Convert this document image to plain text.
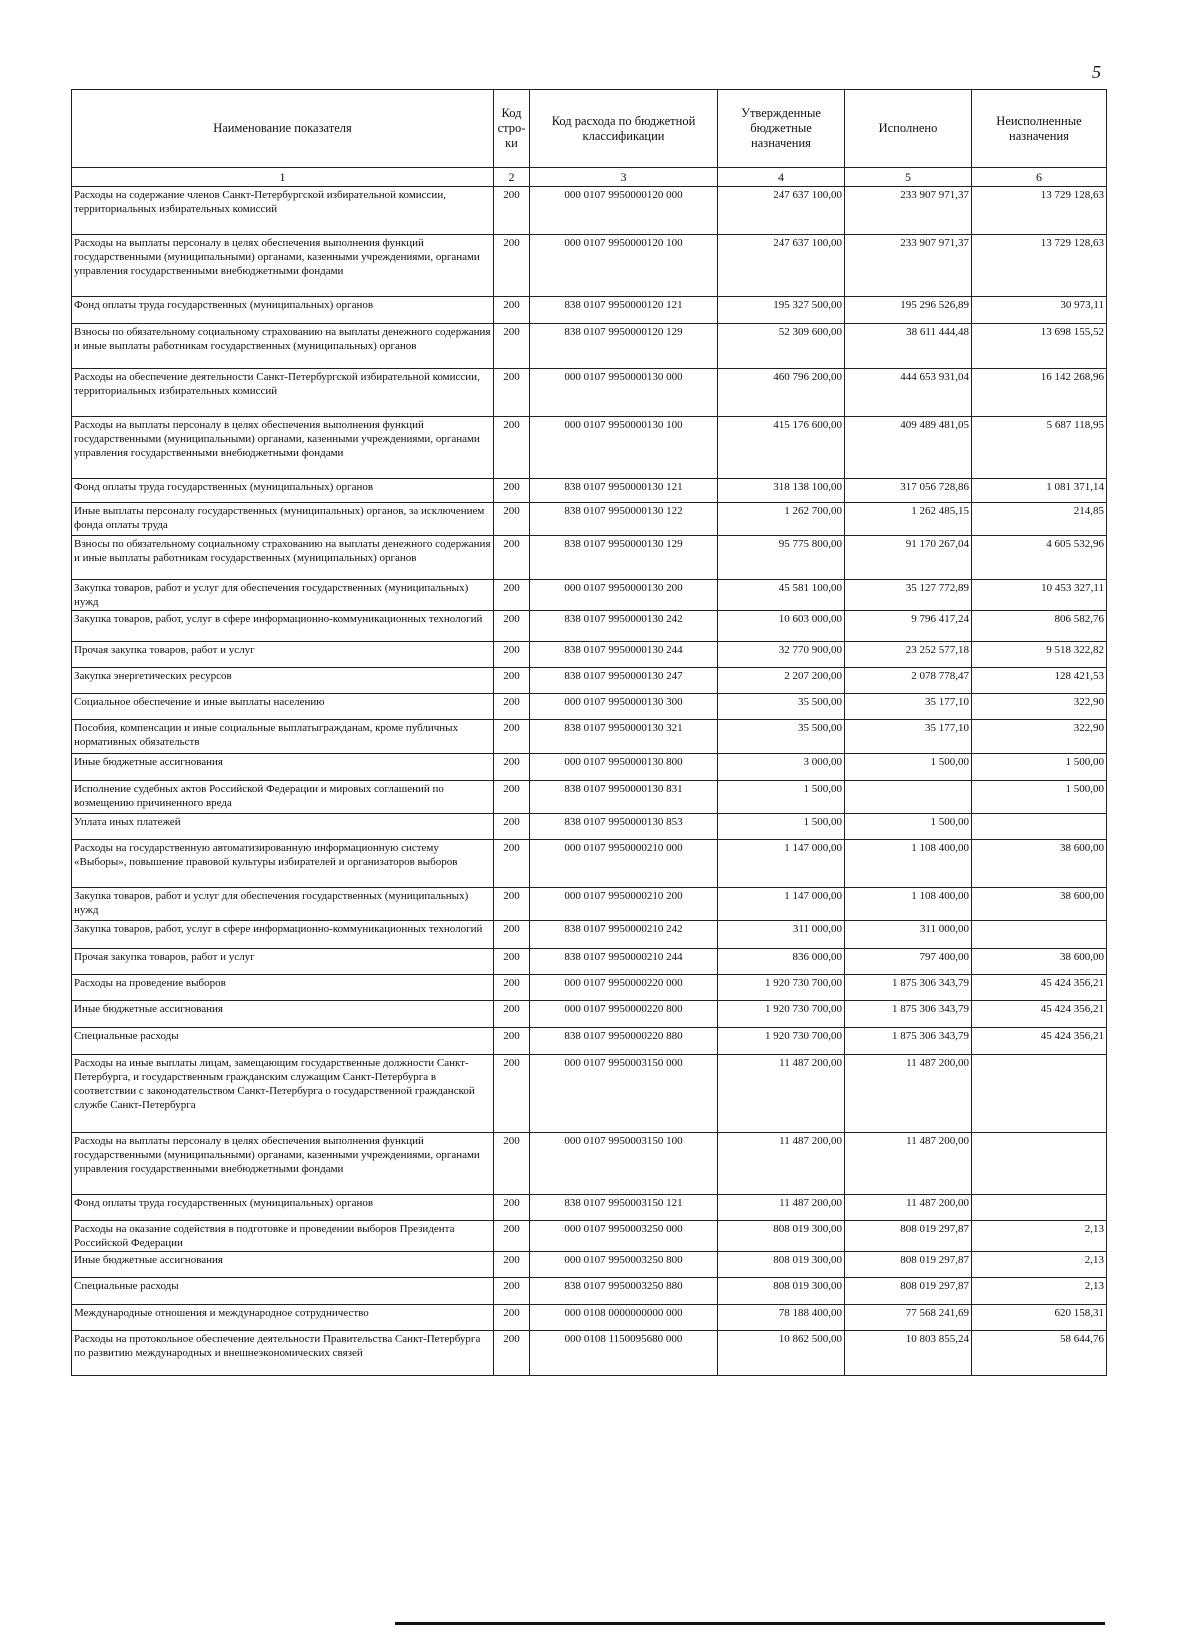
5
Наименование показателя	Код стро- ки	Код расхода по бюджетной классификации	Утвержденные бюджетные назначения	Исполнено	Неисполненные назначения
1	2	3	4	5	6
Расходы на содержание членов Санкт-Петербургской избирательной комиссии, территориальных избирательных комиссий	200	000 0107 9950000120 000	247 637 100,00	233 907 971,37	13 729 128,63
Расходы на выплаты персоналу в целях обеспечения выполнения функций государственными (муниципальными) органами, казенными учреждениями, органами управления государственными внебюджетными фондами	200	000 0107 9950000120 100	247 637 100,00	233 907 971,37	13 729 128,63
Фонд оплаты труда государственных (муниципальных) органов	200	838 0107 9950000120 121	195 327 500,00	195 296 526,89	30 973,11
Взносы по обязательному социальному страхованию на выплаты денежного содержания и иные выплаты работникам государственных (муниципальных) органов	200	838 0107 9950000120 129	52 309 600,00	38 611 444,48	13 698 155,52
Расходы на обеспечение деятельности Санкт-Петербургской избирательной комиссии, территориальных избирательных комиссий	200	000 0107 9950000130 000	460 796 200,00	444 653 931,04	16 142 268,96
Расходы на выплаты персоналу в целях обеспечения выполнения функций государственными (муниципальными) органами, казенными учреждениями, органами управления государственными внебюджетными фондами	200	000 0107 9950000130 100	415 176 600,00	409 489 481,05	5 687 118,95
Фонд оплаты труда государственных (муниципальных) органов	200	838 0107 9950000130 121	318 138 100,00	317 056 728,86	1 081 371,14
Иные выплаты персоналу государственных (муниципальных) органов, за исключением фонда оплаты труда	200	838 0107 9950000130 122	1 262 700,00	1 262 485,15	214,85
Взносы по обязательному социальному страхованию на выплаты денежного содержания и иные выплаты работникам государственных (муниципальных) органов	200	838 0107 9950000130 129	95 775 800,00	91 170 267,04	4 605 532,96
Закупка товаров, работ и услуг для обеспечения государственных (муниципальных) нужд	200	000 0107 9950000130 200	45 581 100,00	35 127 772,89	10 453 327,11
Закупка товаров, работ, услуг в сфере информационно-коммуникационных технологий	200	838 0107 9950000130 242	10 603 000,00	9 796 417,24	806 582,76
Прочая закупка товаров, работ и услуг	200	838 0107 9950000130 244	32 770 900,00	23 252 577,18	9 518 322,82
Закупка энергетических ресурсов	200	838 0107 9950000130 247	2 207 200,00	2 078 778,47	128 421,53
Социальное обеспечение и иные выплаты населению	200	000 0107 9950000130 300	35 500,00	35 177,10	322,90
Пособия, компенсации и иные социальные выплатыгражданам, кроме публичных нормативных обязательств	200	838 0107 9950000130 321	35 500,00	35 177,10	322,90
Иные бюджетные ассигнования	200	000 0107 9950000130 800	3 000,00	1 500,00	1 500,00
Исполнение судебных актов Российской Федерации и мировых соглашений по возмещению причиненного вреда	200	838 0107 9950000130 831	1 500,00		1 500,00
Уплата иных платежей	200	838 0107 9950000130 853	1 500,00	1 500,00	
Расходы на государственную автоматизированную информационную систему «Выборы», повышение правовой культуры избирателей и организаторов выборов	200	000 0107 9950000210 000	1 147 000,00	1 108 400,00	38 600,00
Закупка товаров, работ и услуг для обеспечения государственных (муниципальных) нужд	200	000 0107 9950000210 200	1 147 000,00	1 108 400,00	38 600,00
Закупка товаров, работ, услуг в сфере информационно-коммуникационных технологий	200	838 0107 9950000210 242	311 000,00	311 000,00	
Прочая закупка товаров, работ и услуг	200	838 0107 9950000210 244	836 000,00	797 400,00	38 600,00
Расходы на проведение выборов	200	000 0107 9950000220 000	1 920 730 700,00	1 875 306 343,79	45 424 356,21
Иные бюджетные ассигнования	200	000 0107 9950000220 800	1 920 730 700,00	1 875 306 343,79	45 424 356,21
Специальные расходы	200	838 0107 9950000220 880	1 920 730 700,00	1 875 306 343,79	45 424 356,21
Расходы на иные выплаты лицам, замещающим государственные должности Санкт-Петербурга, и государственным гражданским служащим Санкт-Петербурга в соответствии с законодательством Санкт-Петербурга о государственной гражданской службе Санкт-Петербурга	200	000 0107 9950003150 000	11 487 200,00	11 487 200,00	
Расходы на выплаты персоналу в целях обеспечения выполнения функций государственными (муниципальными) органами, казенными учреждениями, органами управления государственными внебюджетными фондами	200	000 0107 9950003150 100	11 487 200,00	11 487 200,00	
Фонд оплаты труда государственных (муниципальных) органов	200	838 0107 9950003150 121	11 487 200,00	11 487 200,00	
Расходы на оказание содействия в подготовке и проведении выборов Президента Российской Федерации	200	000 0107 9950003250 000	808 019 300,00	808 019 297,87	2,13
Иные бюджетные ассигнования	200	000 0107 9950003250 800	808 019 300,00	808 019 297,87	2,13
Специальные расходы	200	838 0107 9950003250 880	808 019 300,00	808 019 297,87	2,13
Международные отношения и международное сотрудничество	200	000 0108 0000000000 000	78 188 400,00	77 568 241,69	620 158,31
Расходы на протокольное обеспечение деятельности Правительства Санкт-Петербурга по развитию международных и внешнеэкономических связей	200	000 0108 1150095680 000	10 862 500,00	10 803 855,24	58 644,76
